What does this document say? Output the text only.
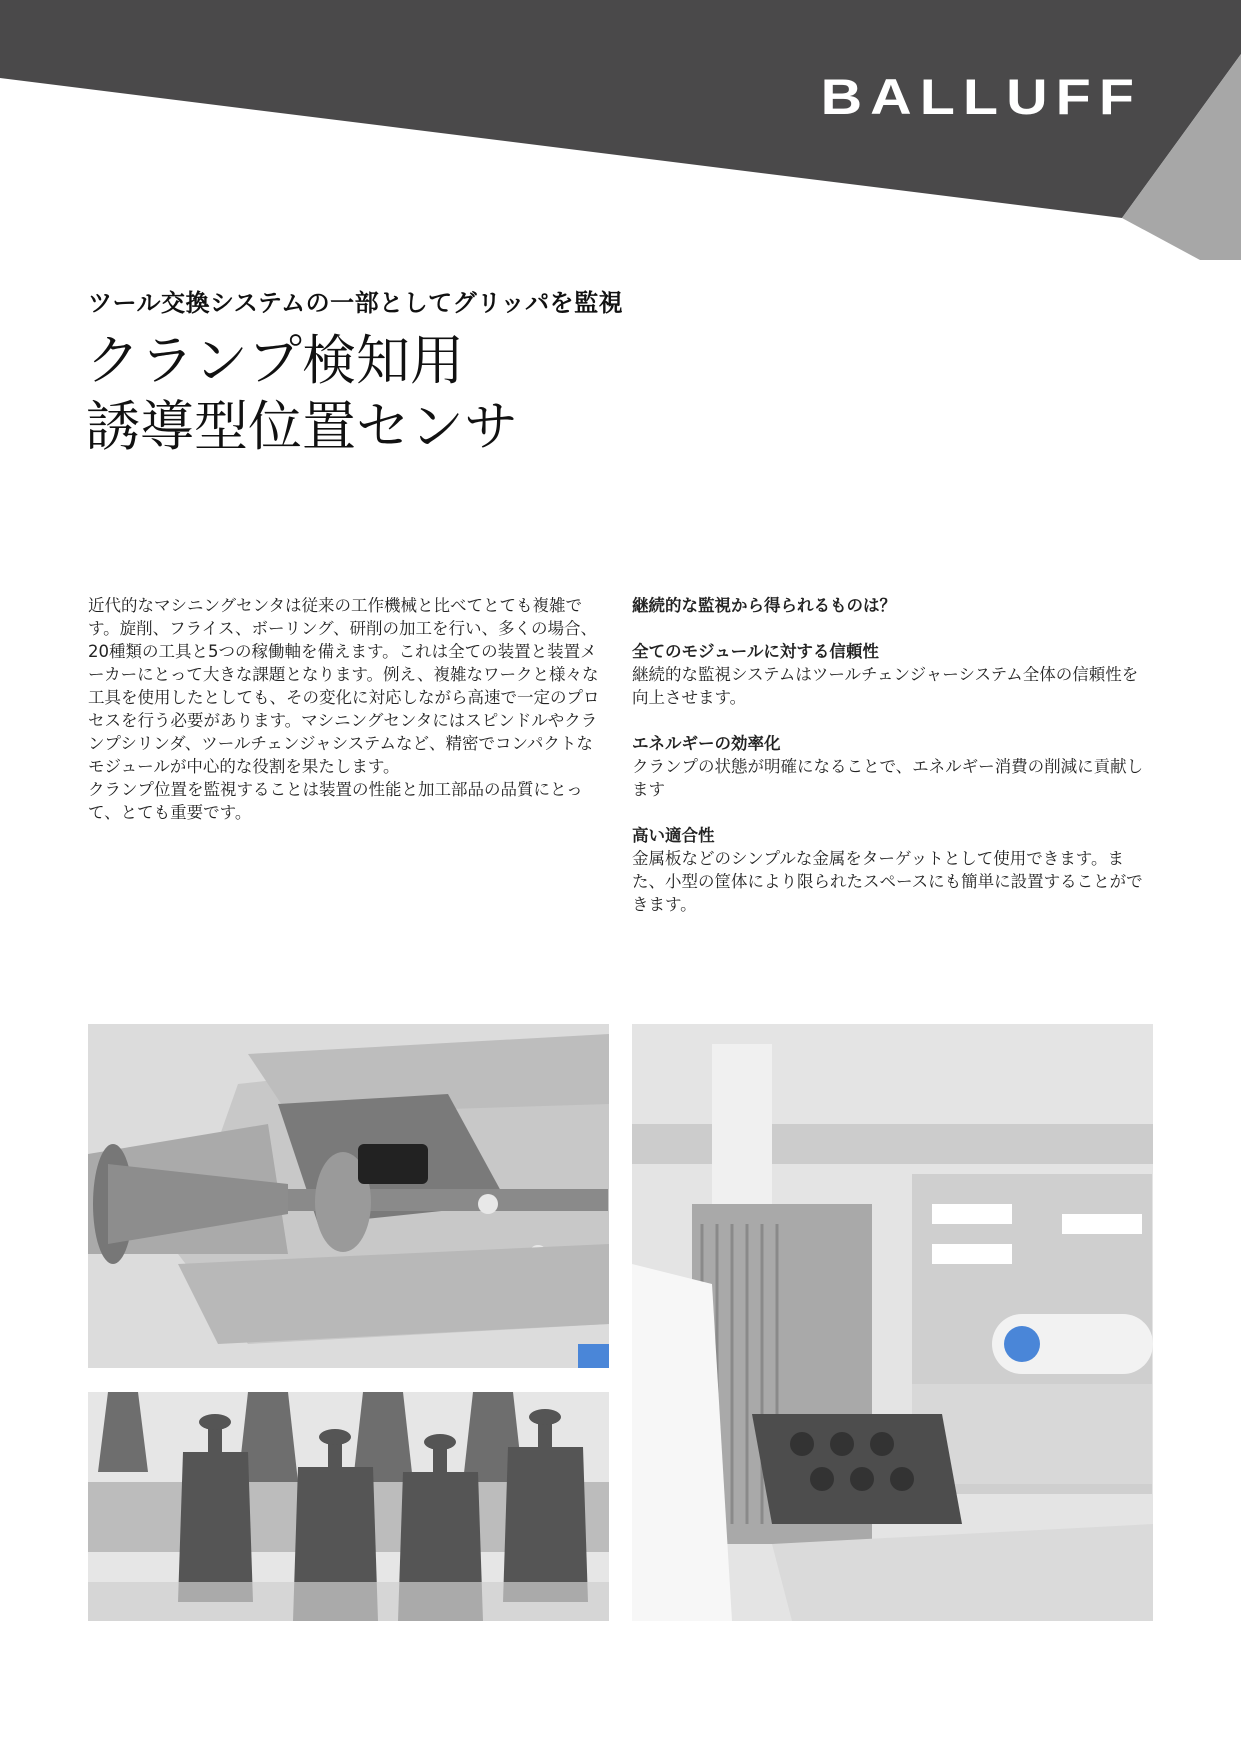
BALLUFF
ツール交換システムの一部としてグリッパを監視
クランプ検知用
誘導型位置センサ

近代的なマシニングセンタは従来の工作機械と比べてとても複雑です。旋削、フライス、ボーリング、研削の加工を行い、多くの場合、20種類の工具と5つの稼働軸を備えます。これは全ての装置と装置メーカーにとって大きな課題となります。例え、複雑なワークと様々な工具を使用したとしても、その変化に対応しながら高速で一定のプロセスを行う必要があります。マシニングセンタにはスピンドルやクランプシリンダ、ツールチェンジャシステムなど、精密でコンパクトなモジュールが中心的な役割を果たします。

クランプ位置を監視することは装置の性能と加工部品の品質にとって、とても重要です。

継続的な監視から得られるものは？

全てのモジュールに対する信頼性

継続的な監視システムはツールチェンジャーシステム全体の信頼性を向上させます。

エネルギーの効率化

クランプの状態が明確になることで、エネルギー消費の削減に貢献します

高い適合性

金属板などのシンプルな金属をターゲットとして使用できます。また、小型の筐体により限られたスペースにも簡単に設置することができます。
